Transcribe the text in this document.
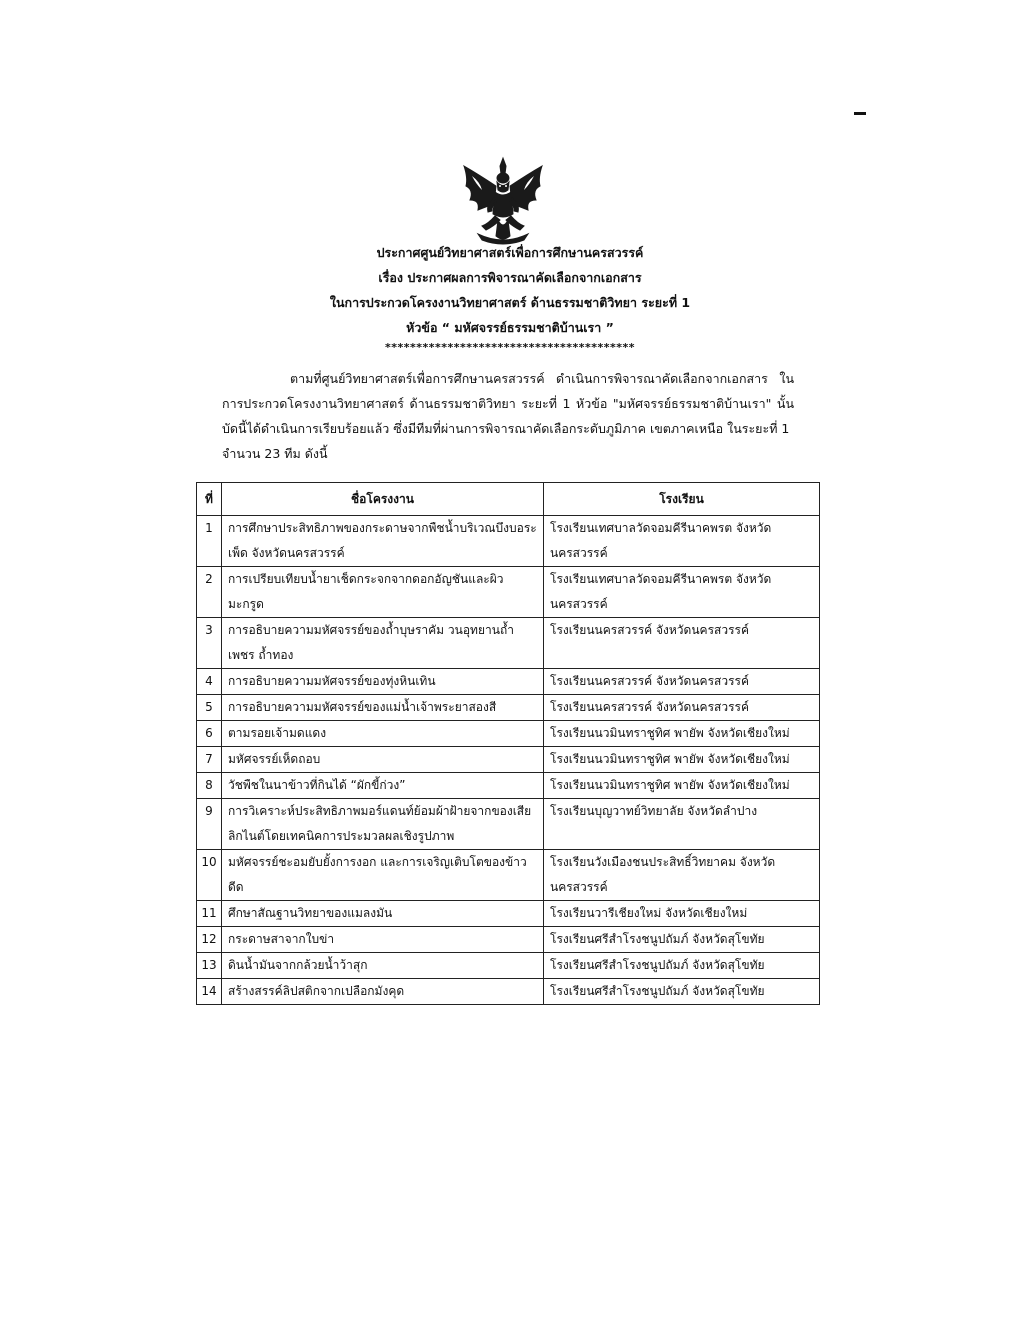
ประกาศศูนย์วิทยาศาสตร์เพื่อการศึกษานครสวรรค์
เรื่อง ประกาศผลการพิจารณาคัดเลือกจากเอกสาร
ในการประกวดโครงงานวิทยาศาสตร์ ด้านธรรมชาติวิทยา ระยะที่ 1
หัวข้อ “ มหัศจรรย์ธรรมชาติบ้านเรา ”
****************************************

ตามที่ศูนย์วิทยาศาสตร์เพื่อการศึกษานครสวรรค์ ดำเนินการพิจารณาคัดเลือกจากเอกสาร ในการประกวดโครงงานวิทยาศาสตร์ ด้านธรรมชาติวิทยา ระยะที่ 1 หัวข้อ "มหัศจรรย์ธรรมชาติบ้านเรา" นั้น บัดนี้ได้ดำเนินการเรียบร้อยแล้ว ซึ่งมีทีมที่ผ่านการพิจารณาคัดเลือกระดับภูมิภาค เขตภาคเหนือ ในระยะที่ 1

จำนวน 23 ทีม ดังนี้

ที่	ชื่อโครงงาน	โรงเรียน
1	การศึกษาประสิทธิภาพของกระดาษจากพืชน้ำบริเวณบึงบอระเพ็ด จังหวัดนครสวรรค์	โรงเรียนเทศบาลวัดจอมคีรีนาคพรต จังหวัดนครสวรรค์
2	การเปรียบเทียบน้ำยาเช็ดกระจกจากดอกอัญชันและผิวมะกรูด	โรงเรียนเทศบาลวัดจอมคีรีนาคพรต จังหวัดนครสวรรค์
3	การอธิบายความมหัศจรรย์ของถ้ำบุษราคัม วนอุทยานถ้ำเพชร ถ้ำทอง	โรงเรียนนครสวรรค์ จังหวัดนครสวรรค์
4	การอธิบายความมหัศจรรย์ของทุ่งหินเทิน	โรงเรียนนครสวรรค์ จังหวัดนครสวรรค์
5	การอธิบายความมหัศจรรย์ของแม่น้ำเจ้าพระยาสองสี	โรงเรียนนครสวรรค์ จังหวัดนครสวรรค์
6	ตามรอยเจ้ามดแดง	โรงเรียนนวมินทราชูทิศ พายัพ จังหวัดเชียงใหม่
7	มหัศจรรย์เห็ดถอบ	โรงเรียนนวมินทราชูทิศ พายัพ จังหวัดเชียงใหม่
8	วัชพืชในนาข้าวที่กินได้ “ผักขี้ก่วง”	โรงเรียนนวมินทราชูทิศ พายัพ จังหวัดเชียงใหม่
9	การวิเคราะห์ประสิทธิภาพมอร์แดนท์ย้อมผ้าฝ้ายจากของเสียลิกไนต์โดยเทคนิคการประมวลผลเชิงรูปภาพ	โรงเรียนบุญวาทย์วิทยาลัย จังหวัดลำปาง
10	มหัศจรรย์ชะอมยับยั้งการงอก และการเจริญเติบโตของข้าวดีด	โรงเรียนวังเมืองชนประสิทธิ์วิทยาคม จังหวัดนครสวรรค์
11	ศึกษาสัณฐานวิทยาของแมลงมัน	โรงเรียนวารีเชียงใหม่ จังหวัดเชียงใหม่
12	กระดาษสาจากใบข่า	โรงเรียนศรีสำโรงชนูปถัมภ์ จังหวัดสุโขทัย
13	ดินน้ำมันจากกล้วยน้ำว้าสุก	โรงเรียนศรีสำโรงชนูปถัมภ์ จังหวัดสุโขทัย
14	สร้างสรรค์ลิปสติกจากเปลือกมังคุด	โรงเรียนศรีสำโรงชนูปถัมภ์ จังหวัดสุโขทัย
